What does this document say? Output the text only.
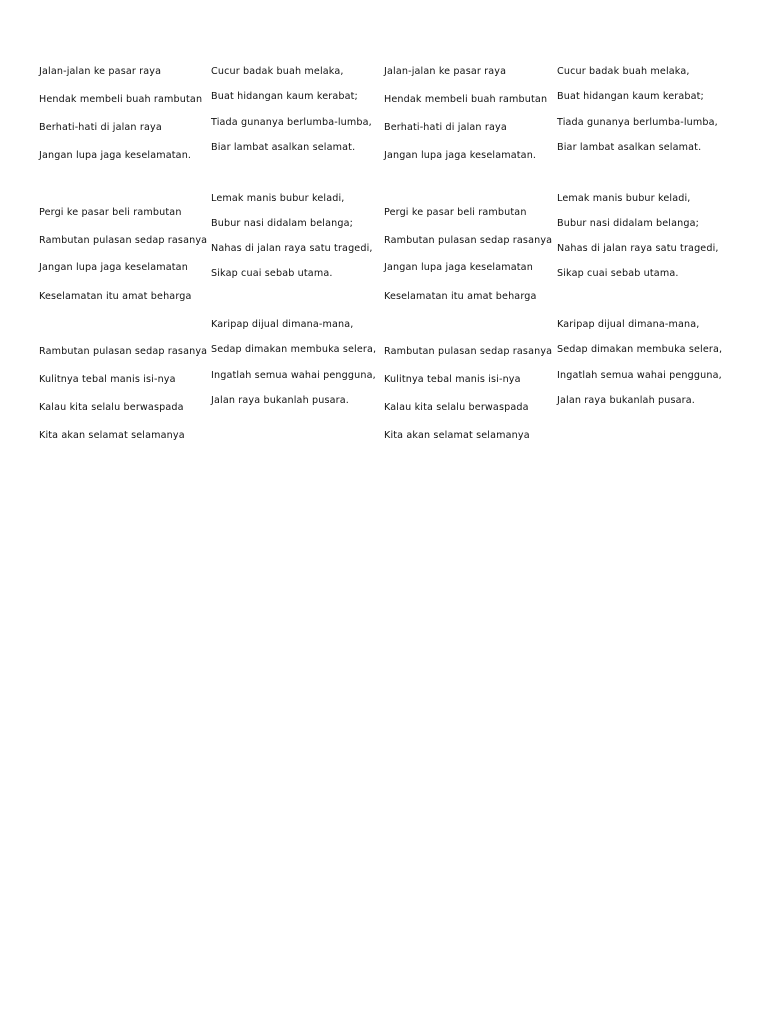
Jalan-jalan ke pasar raya
Hendak membeli buah rambutan
Berhati-hati di jalan raya
Jangan lupa jaga keselamatan.
Pergi ke pasar beli rambutan
Rambutan pulasan sedap rasanya
Jangan lupa jaga keselamatan
Keselamatan itu amat beharga
Rambutan pulasan sedap rasanya
Kulitnya tebal manis isi-nya
Kalau kita selalu berwaspada
Kita akan selamat selamanya
Cucur badak buah melaka,
Buat hidangan kaum kerabat;
Tiada gunanya berlumba-lumba,
Biar lambat asalkan selamat.
Lemak manis bubur keladi,
Bubur nasi didalam belanga;
Nahas di jalan raya satu tragedi,
Sikap cuai sebab utama.
Karipap dijual dimana-mana,
Sedap dimakan membuka selera,
Ingatlah semua wahai pengguna,
Jalan raya bukanlah pusara.
Jalan-jalan ke pasar raya
Hendak membeli buah rambutan
Berhati-hati di jalan raya
Jangan lupa jaga keselamatan.
Pergi ke pasar beli rambutan
Rambutan pulasan sedap rasanya
Jangan lupa jaga keselamatan
Keselamatan itu amat beharga
Rambutan pulasan sedap rasanya
Kulitnya tebal manis isi-nya
Kalau kita selalu berwaspada
Kita akan selamat selamanya
Cucur badak buah melaka,
Buat hidangan kaum kerabat;
Tiada gunanya berlumba-lumba,
Biar lambat asalkan selamat.
Lemak manis bubur keladi,
Bubur nasi didalam belanga;
Nahas di jalan raya satu tragedi,
Sikap cuai sebab utama.
Karipap dijual dimana-mana,
Sedap dimakan membuka selera,
Ingatlah semua wahai pengguna,
Jalan raya bukanlah pusara.
